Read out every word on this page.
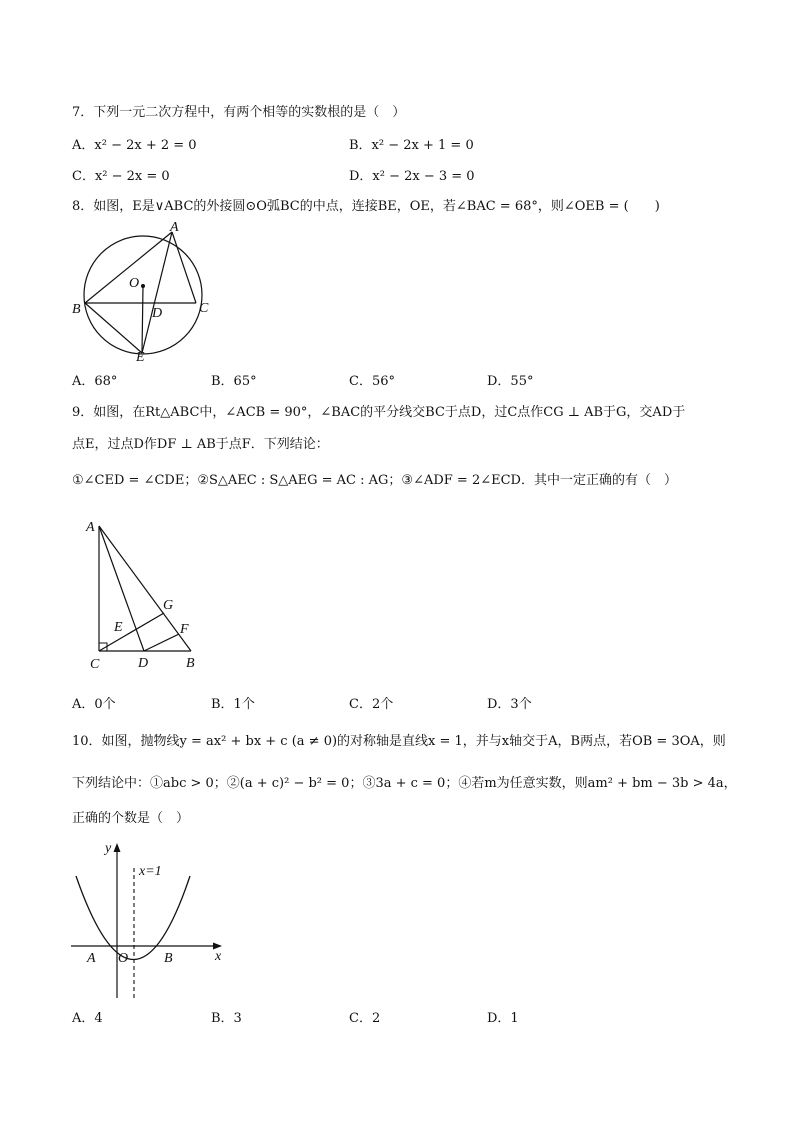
7．下列一元二次方程中，有两个相等的实数根的是（　）
A．x² − 2x + 2 = 0	B．x² − 2x + 1 = 0
C．x² − 2x = 0	D．x² − 2x − 3 = 0
8．如图，E是∨ABC的外接圆⊙O弧BC的中点，连接BE，OE，若∠BAC = 68°，则∠OEB = (　　)
A
B	C
O
D
E
A．68°	B．65°	C．56°	D．55°
9．如图，在Rt△ABC中，∠ACB = 90°，∠BAC的平分线交BC于点D，过C点作CG ⊥ AB于G，交AD于
点E，过点D作DF ⊥ AB于点F．下列结论：
①∠CED = ∠CDE；②S△AEC : S△AEG = AC : AG；③∠ADF = 2∠ECD．其中一定正确的有（　）
A
C	D	B
E
G
F
A．0个	B．1个	C．2个	D．3个
10．如图，抛物线y = ax² + bx + c (a ≠ 0)的对称轴是直线x = 1，并与x轴交于A，B两点，若OB = 3OA，则
下列结论中：①abc > 0；②(a + c)² − b² = 0；③3a + c = 0；④若m为任意实数，则am² + bm − 3b > 4a，
正确的个数是（　）
y
x=1
x
A O	B
A．4	B．3	C．2	D．1
